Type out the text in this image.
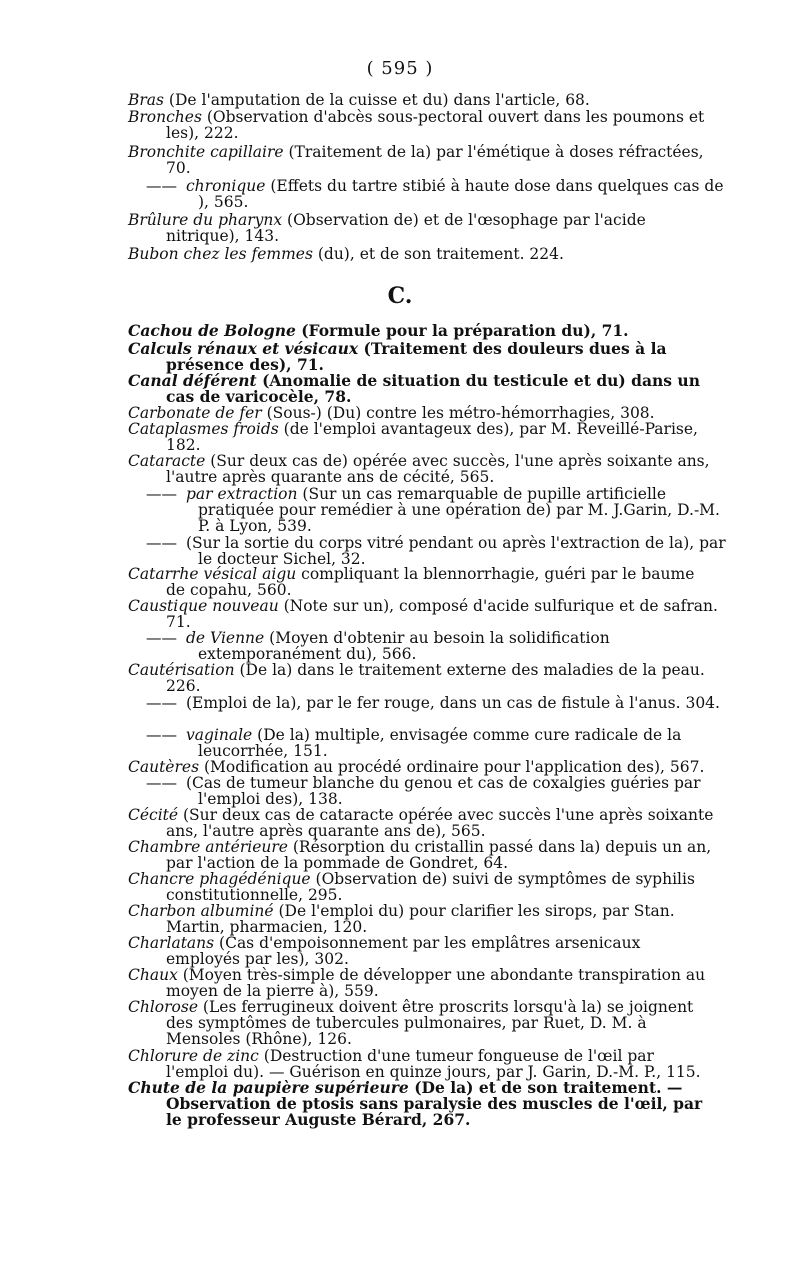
( 595 )
Bras (De l'amputation de la cuisse et du) dans l'article, 68.
Bronches (Observation d'abcès sous-pectoral ouvert dans les poumons et les), 222.
Bronchite capillaire (Traitement de la) par l'émétique à doses réfractées, 70.
—— chronique (Effets du tartre stibié à haute dose dans quelques cas de ), 565.
Brûlure du pharynx (Observation de) et de l'œsophage par l'acide nitrique), 143.
Bubon chez les femmes (du), et de son traitement. 224.
C.
Cachou de Bologne (Formule pour la préparation du), 71.
Calculs rénaux et vésicaux (Traitement des douleurs dues à la présence des), 71.
Canal déférent (Anomalie de situation du testicule et du) dans un cas de varicocèle, 78.
Carbonate de fer (Sous-) (Du) contre les métro-hémorrhagies, 308.
Cataplasmes froids (de l'emploi avantageux des), par M. Reveillé-Parise, 182.
Cataracte (Sur deux cas de) opérée avec succès, l'une après soixante ans, l'autre après quarante ans de cécité, 565.
—— par extraction (Sur un cas remarquable de pupille artificielle pratiquée pour remédier à une opération de) par M. J.Garin, D.-M. P. à Lyon, 539.
—— (Sur la sortie du corps vitré pendant ou après l'extraction de la), par le docteur Sichel, 32.
Catarrhe vésical aigu compliquant la blennorrhagie, guéri par le baume de copahu, 560.
Caustique nouveau (Note sur un), composé d'acide sulfurique et de safran. 71.
—— de Vienne (Moyen d'obtenir au besoin la solidification extemporanément du), 566.
Cautérisation (De la) dans le traitement externe des maladies de la peau. 226.
—— (Emploi de la), par le fer rouge, dans un cas de fistule à l'anus. 304.
—— vaginale (De la) multiple, envisagée comme cure radicale de la leucorrhée, 151.
Cautères (Modification au procédé ordinaire pour l'application des), 567.
—— (Cas de tumeur blanche du genou et cas de coxalgies guéries par l'emploi des), 138.
Cécité (Sur deux cas de cataracte opérée avec succès l'une après soixante ans, l'autre après quarante ans de), 565.
Chambre antérieure (Résorption du cristallin passé dans la) depuis un an, par l'action de la pommade de Gondret, 64.
Chancre phagédénique (Observation de) suivi de symptômes de syphilis constitutionnelle, 295.
Charbon albuminé (De l'emploi du) pour clarifier les sirops, par Stan. Martin, pharmacien, 120.
Charlatans (Cas d'empoisonnement par les emplâtres arsenicaux employés par les), 302.
Chaux (Moyen très-simple de développer une abondante transpiration au moyen de la pierre à), 559.
Chlorose (Les ferrugineux doivent être proscrits lorsqu'à la) se joignent des symptômes de tubercules pulmonaires, par Ruet, D. M. à Mensoles (Rhône), 126.
Chlorure de zinc (Destruction d'une tumeur fongueuse de l'œil par l'emploi du). — Guérison en quinze jours, par J. Garin, D.-M. P., 115.
Chute de la paupière supérieure (De la) et de son traitement. — Observation de ptosis sans paralysie des muscles de l'œil, par le professeur Auguste Bérard, 267.
